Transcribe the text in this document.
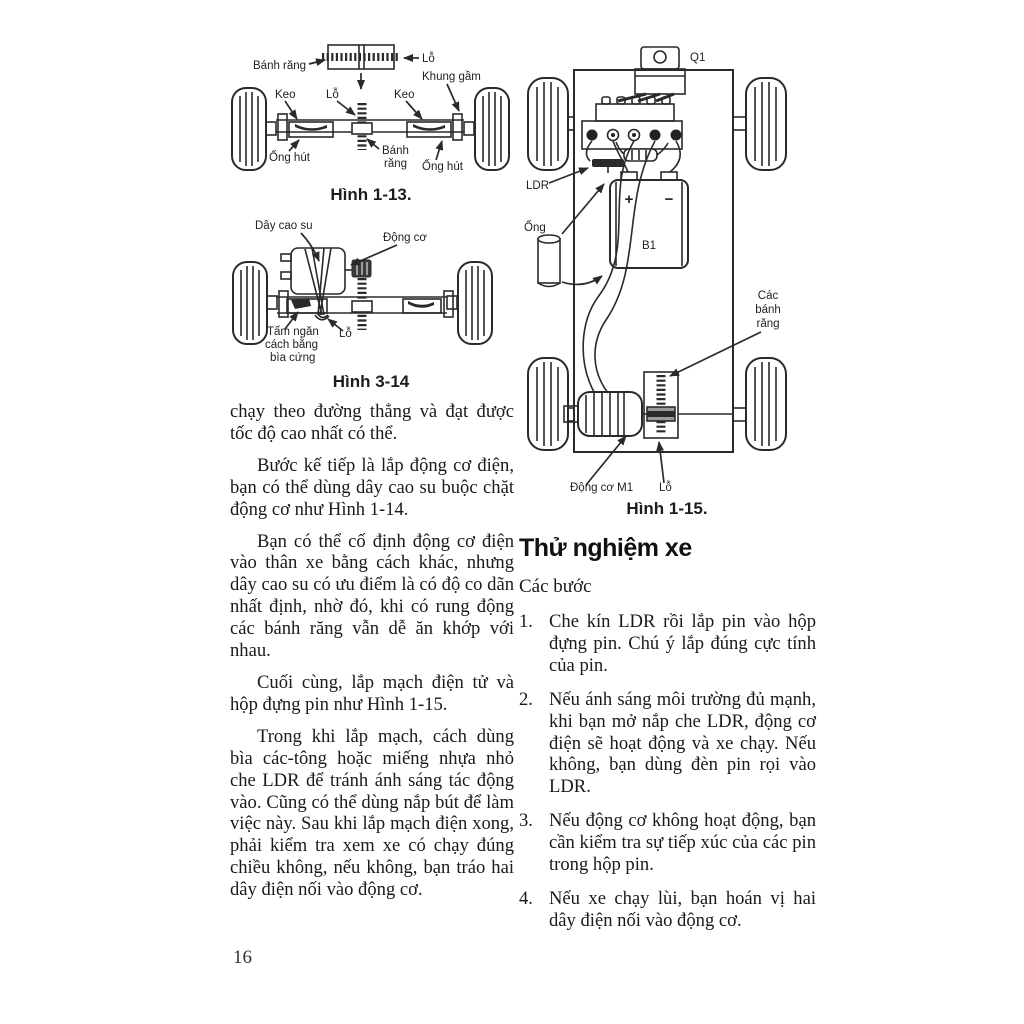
Bánh răng
Lỗ
Keo	Lỗ	Keo
Khung gầm
Ống hút
Bánh
răng Ống hút
Hình 1-13.
Dây cao su
Động cơ
Tấm ngăn
cách bằng
bìa cứng
Lỗ
Hình 3-14
Q1
LDR
+ −
B1
Ống
Các
bánh
răng
Động cơ M1 Lỗ
Hình 1-15.

chạy theo đường thẳng và đạt được tốc độ cao nhất có thể.

Bước kế tiếp là lắp động cơ điện, bạn có thể dùng dây cao su buộc chặt động cơ như Hình 1-14.

Bạn có thể cố định động cơ điện vào thân xe bằng cách khác, nhưng dây cao su có ưu điểm là có độ co dãn nhất định, nhờ đó, khi có rung động các bánh răng vẫn dễ ăn khớp với nhau.

Cuối cùng, lắp mạch điện tử và hộp đựng pin như Hình 1-15.

Trong khi lắp mạch, cách dùng bìa các-tông hoặc miếng nhựa nhỏ che LDR để tránh ánh sáng tác động vào. Cũng có thể dùng nắp bút để làm việc này. Sau khi lắp mạch điện xong, phải kiểm tra xem xe có chạy đúng chiều không, nếu không, bạn tráo hai dây điện nối vào động cơ.

Thử nghiệm xe
Các bước
1. Che kín LDR rồi lắp pin vào hộp đựng pin. Chú ý lắp đúng cực tính của pin.
2. Nếu ánh sáng môi trường đủ mạnh, khi bạn mở nắp che LDR, động cơ điện sẽ hoạt động và xe chạy. Nếu không, bạn dùng đèn pin rọi vào LDR.
3. Nếu động cơ không hoạt động, bạn cần kiểm tra sự tiếp xúc của các pin trong hộp pin.
4. Nếu xe chạy lùi, bạn hoán vị hai dây điện nối vào động cơ.
16
